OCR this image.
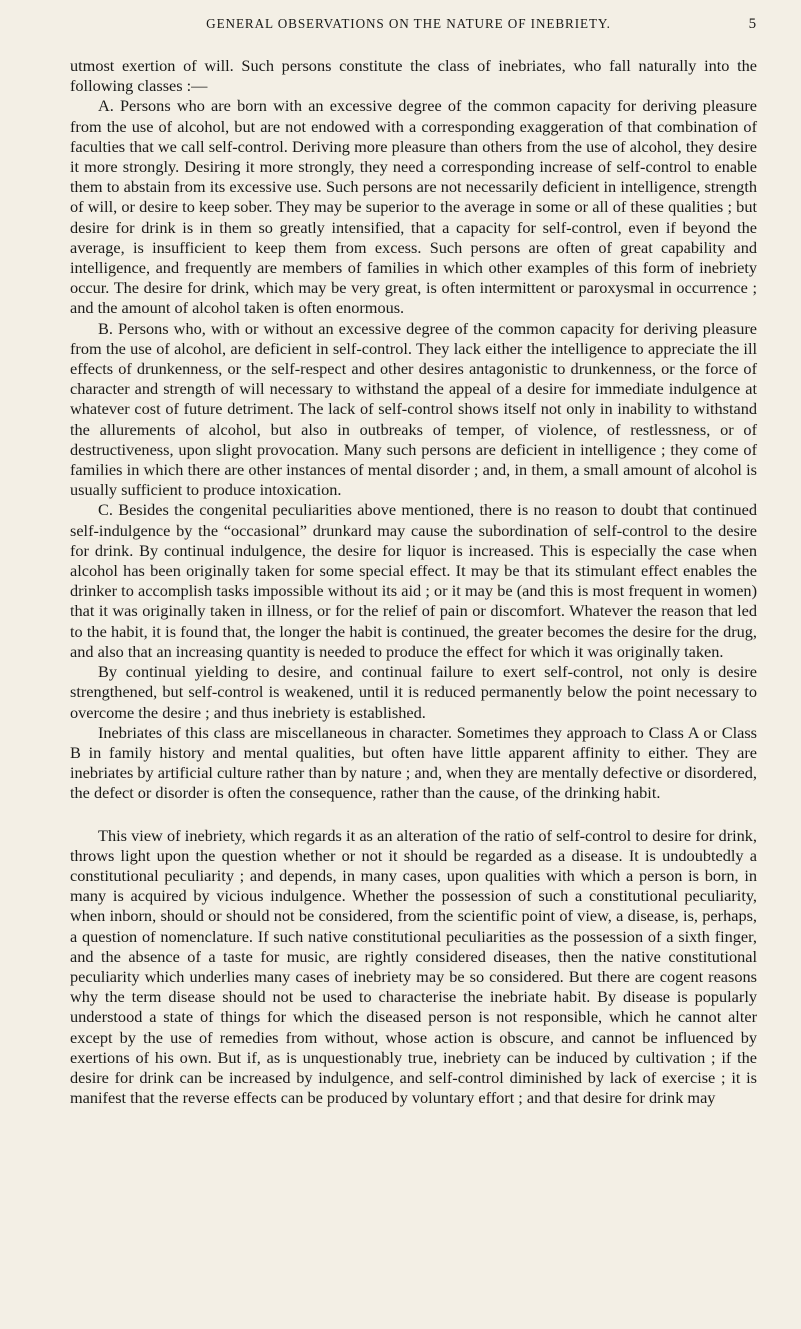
GENERAL OBSERVATIONS ON THE NATURE OF INEBRIETY.	5

utmost exertion of will. Such persons constitute the class of inebriates, who fall naturally into the following classes :—

A. Persons who are born with an excessive degree of the common capacity for deriving pleasure from the use of alcohol, but are not endowed with a corresponding exaggeration of that combination of faculties that we call self-control. Deriving more pleasure than others from the use of alcohol, they desire it more strongly. Desiring it more strongly, they need a corresponding increase of self-control to enable them to abstain from its excessive use. Such persons are not necessarily deficient in intelligence, strength of will, or desire to keep sober. They may be superior to the average in some or all of these qualities ; but desire for drink is in them so greatly intensified, that a capacity for self-control, even if beyond the average, is insufficient to keep them from excess. Such persons are often of great capability and intelligence, and frequently are members of families in which other examples of this form of inebriety occur. The desire for drink, which may be very great, is often intermittent or paroxysmal in occurrence ; and the amount of alcohol taken is often enormous.

B. Persons who, with or without an excessive degree of the common capacity for deriving pleasure from the use of alcohol, are deficient in self-control. They lack either the intelligence to appreciate the ill effects of drunkenness, or the self-respect and other desires antagonistic to drunkenness, or the force of character and strength of will necessary to withstand the appeal of a desire for immediate indulgence at whatever cost of future detriment. The lack of self-control shows itself not only in inability to withstand the allurements of alcohol, but also in outbreaks of temper, of violence, of restlessness, or of destructiveness, upon slight provocation. Many such persons are deficient in intelligence ; they come of families in which there are other instances of mental disorder ; and, in them, a small amount of alcohol is usually sufficient to produce intoxication.

C. Besides the congenital peculiarities above mentioned, there is no reason to doubt that continued self-indulgence by the “occasional” drunkard may cause the subordination of self-control to the desire for drink. By continual indulgence, the desire for liquor is increased. This is especially the case when alcohol has been originally taken for some special effect. It may be that its stimulant effect enables the drinker to accomplish tasks impossible without its aid ; or it may be (and this is most frequent in women) that it was originally taken in illness, or for the relief of pain or discomfort. Whatever the reason that led to the habit, it is found that, the longer the habit is continued, the greater becomes the desire for the drug, and also that an increasing quantity is needed to produce the effect for which it was originally taken.

By continual yielding to desire, and continual failure to exert self-control, not only is desire strengthened, but self-control is weakened, until it is reduced permanently below the point necessary to overcome the desire ; and thus inebriety is established.

Inebriates of this class are miscellaneous in character. Sometimes they approach to Class A or Class B in family history and mental qualities, but often have little apparent affinity to either. They are inebriates by artificial culture rather than by nature ; and, when they are mentally defective or disordered, the defect or disorder is often the consequence, rather than the cause, of the drinking habit.

This view of inebriety, which regards it as an alteration of the ratio of self-control to desire for drink, throws light upon the question whether or not it should be regarded as a disease. It is undoubtedly a constitutional peculiarity ; and depends, in many cases, upon qualities with which a person is born, in many is acquired by vicious indulgence. Whether the possession of such a constitutional peculiarity, when inborn, should or should not be considered, from the scientific point of view, a disease, is, perhaps, a question of nomenclature. If such native constitutional peculiarities as the possession of a sixth finger, and the absence of a taste for music, are rightly considered diseases, then the native constitutional peculiarity which underlies many cases of inebriety may be so considered. But there are cogent reasons why the term disease should not be used to characterise the inebriate habit. By disease is popularly understood a state of things for which the diseased person is not responsible, which he cannot alter except by the use of remedies from without, whose action is obscure, and cannot be influenced by exertions of his own. But if, as is unquestionably true, inebriety can be induced by cultivation ; if the desire for drink can be increased by indulgence, and self-control diminished by lack of exercise ; it is manifest that the reverse effects can be produced by voluntary effort ; and that desire for drink may
